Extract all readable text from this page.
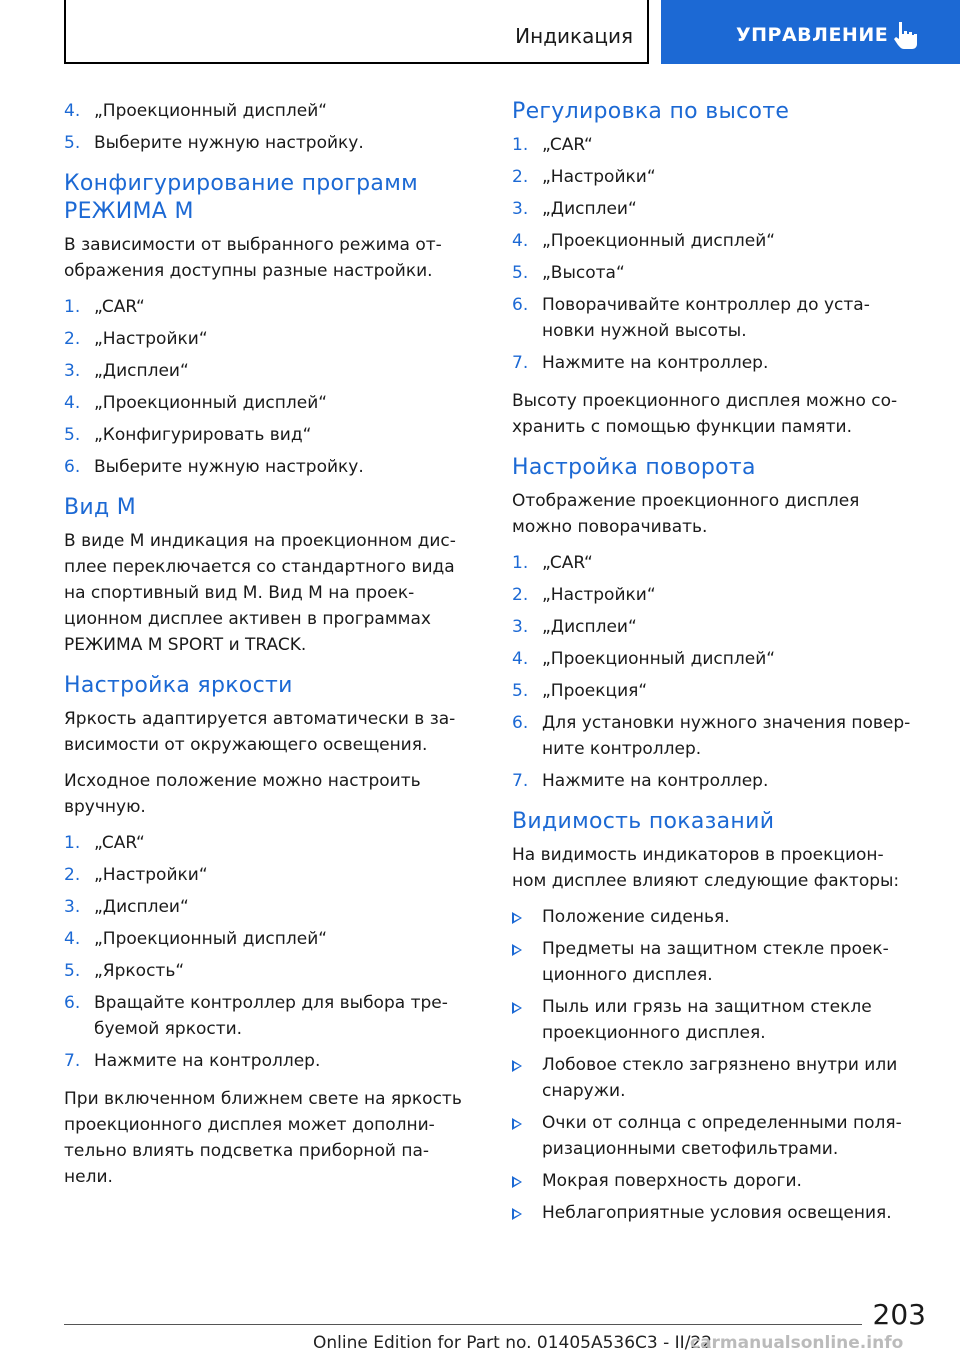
Индикация	УПРАВЛЕНИЕ
4. „Проекционный дисплей“
5. Выберите нужную настройку.
Конфигурирование программ
РЕЖИМА М

В зависимости от выбранного режима от-
ображения доступны разные настройки.

1. „CAR“
2. „Настройки“
3. „Дисплеи“
4. „Проекционный дисплей“
5. „Конфигурировать вид“
6. Выберите нужную настройку.
Вид М

В виде М индикация на проекционном дис-
плее переключается со стандартного вида
на спортивный вид М. Вид М на проек-
ционном дисплее активен в программах
РЕЖИМА М SPORT и TRACK.

Настройка яркости

Яркость адаптируется автоматически в за-
висимости от окружающего освещения.

Исходное положение можно настроить
вручную.

1. „CAR“
2. „Настройки“
3. „Дисплеи“
4. „Проекционный дисплей“
5. „Яркость“
6. Вращайте контроллер для выбора тре-
буемой яркости.
7. Нажмите на контроллер.

При включенном ближнем свете на яркость
проекционного дисплея может дополни-
тельно влиять подсветка приборной па-
нели.

Регулировка по высоте
1. „CAR“
2. „Настройки“
3. „Дисплеи“
4. „Проекционный дисплей“
5. „Высота“
6. Поворачивайте контроллер до уста-
новки нужной высоты.
7. Нажмите на контроллер.

Высоту проекционного дисплея можно со-
хранить с помощью функции памяти.

Настройка поворота

Отображение проекционного дисплея
можно поворачивать.

1. „CAR“
2. „Настройки“
3. „Дисплеи“
4. „Проекционный дисплей“
5. „Проекция“
6. Для установки нужного значения повер-
ните контроллер.
7. Нажмите на контроллер.
Видимость показаний

На видимость индикаторов в проекцион-
ном дисплее влияют следующие факторы:

Положение сиденья.
Предметы на защитном стекле проек-
ционного дисплея.
Пыль или грязь на защитном стекле
проекционного дисплея.
Лобовое стекло загрязнено внутри или
снаружи.
Очки от солнца с определенными поля-
ризационными светофильтрами.
Мокрая поверхность дороги.
Неблагоприятные условия освещения.
203
Online Edition for Part no. 01405A536C3 - II/22
carmanualsonline.info
